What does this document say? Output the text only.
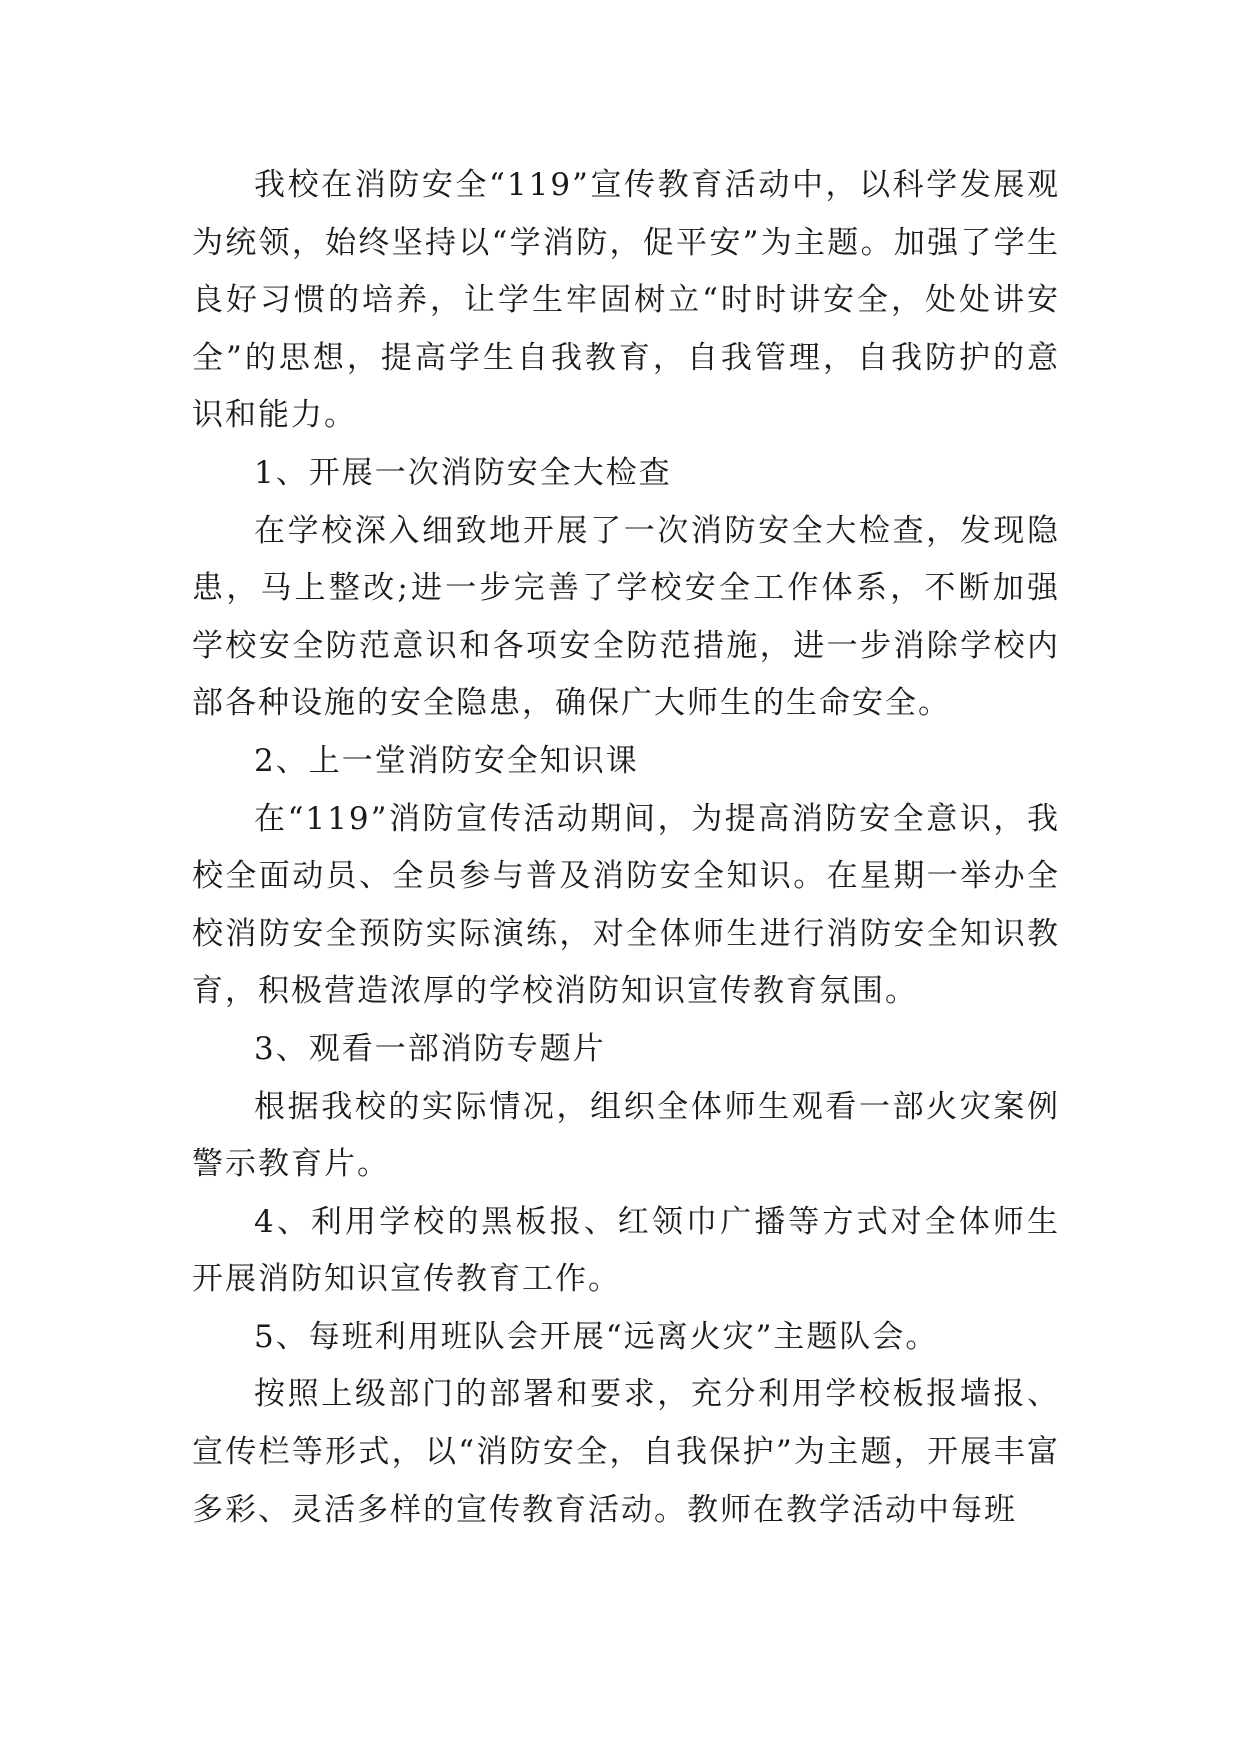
我校在消防安全“119”宣传教育活动中，以科学发展观为统领，始终坚持以“学消防，促平安”为主题。加强了学生良好习惯的培养，让学生牢固树立“时时讲安全，处处讲安全”的思想，提高学生自我教育，自我管理，自我防护的意识和能力。

1、开展一次消防安全大检查

在学校深入细致地开展了一次消防安全大检查，发现隐患，马上整改;进一步完善了学校安全工作体系，不断加强学校安全防范意识和各项安全防范措施，进一步消除学校内部各种设施的安全隐患，确保广大师生的生命安全。

2、上一堂消防安全知识课

在“119”消防宣传活动期间，为提高消防安全意识，我校全面动员、全员参与普及消防安全知识。在星期一举办全校消防安全预防实际演练，对全体师生进行消防安全知识教育，积极营造浓厚的学校消防知识宣传教育氛围。

3、观看一部消防专题片

根据我校的实际情况，组织全体师生观看一部火灾案例警示教育片。

4、利用学校的黑板报、红领巾广播等方式对全体师生开展消防知识宣传教育工作。

5、每班利用班队会开展“远离火灾”主题队会。

按照上级部门的部署和要求，充分利用学校板报墙报、宣传栏等形式，以“消防安全，自我保护”为主题，开展丰富多彩、灵活多样的宣传教育活动。教师在教学活动中每班
